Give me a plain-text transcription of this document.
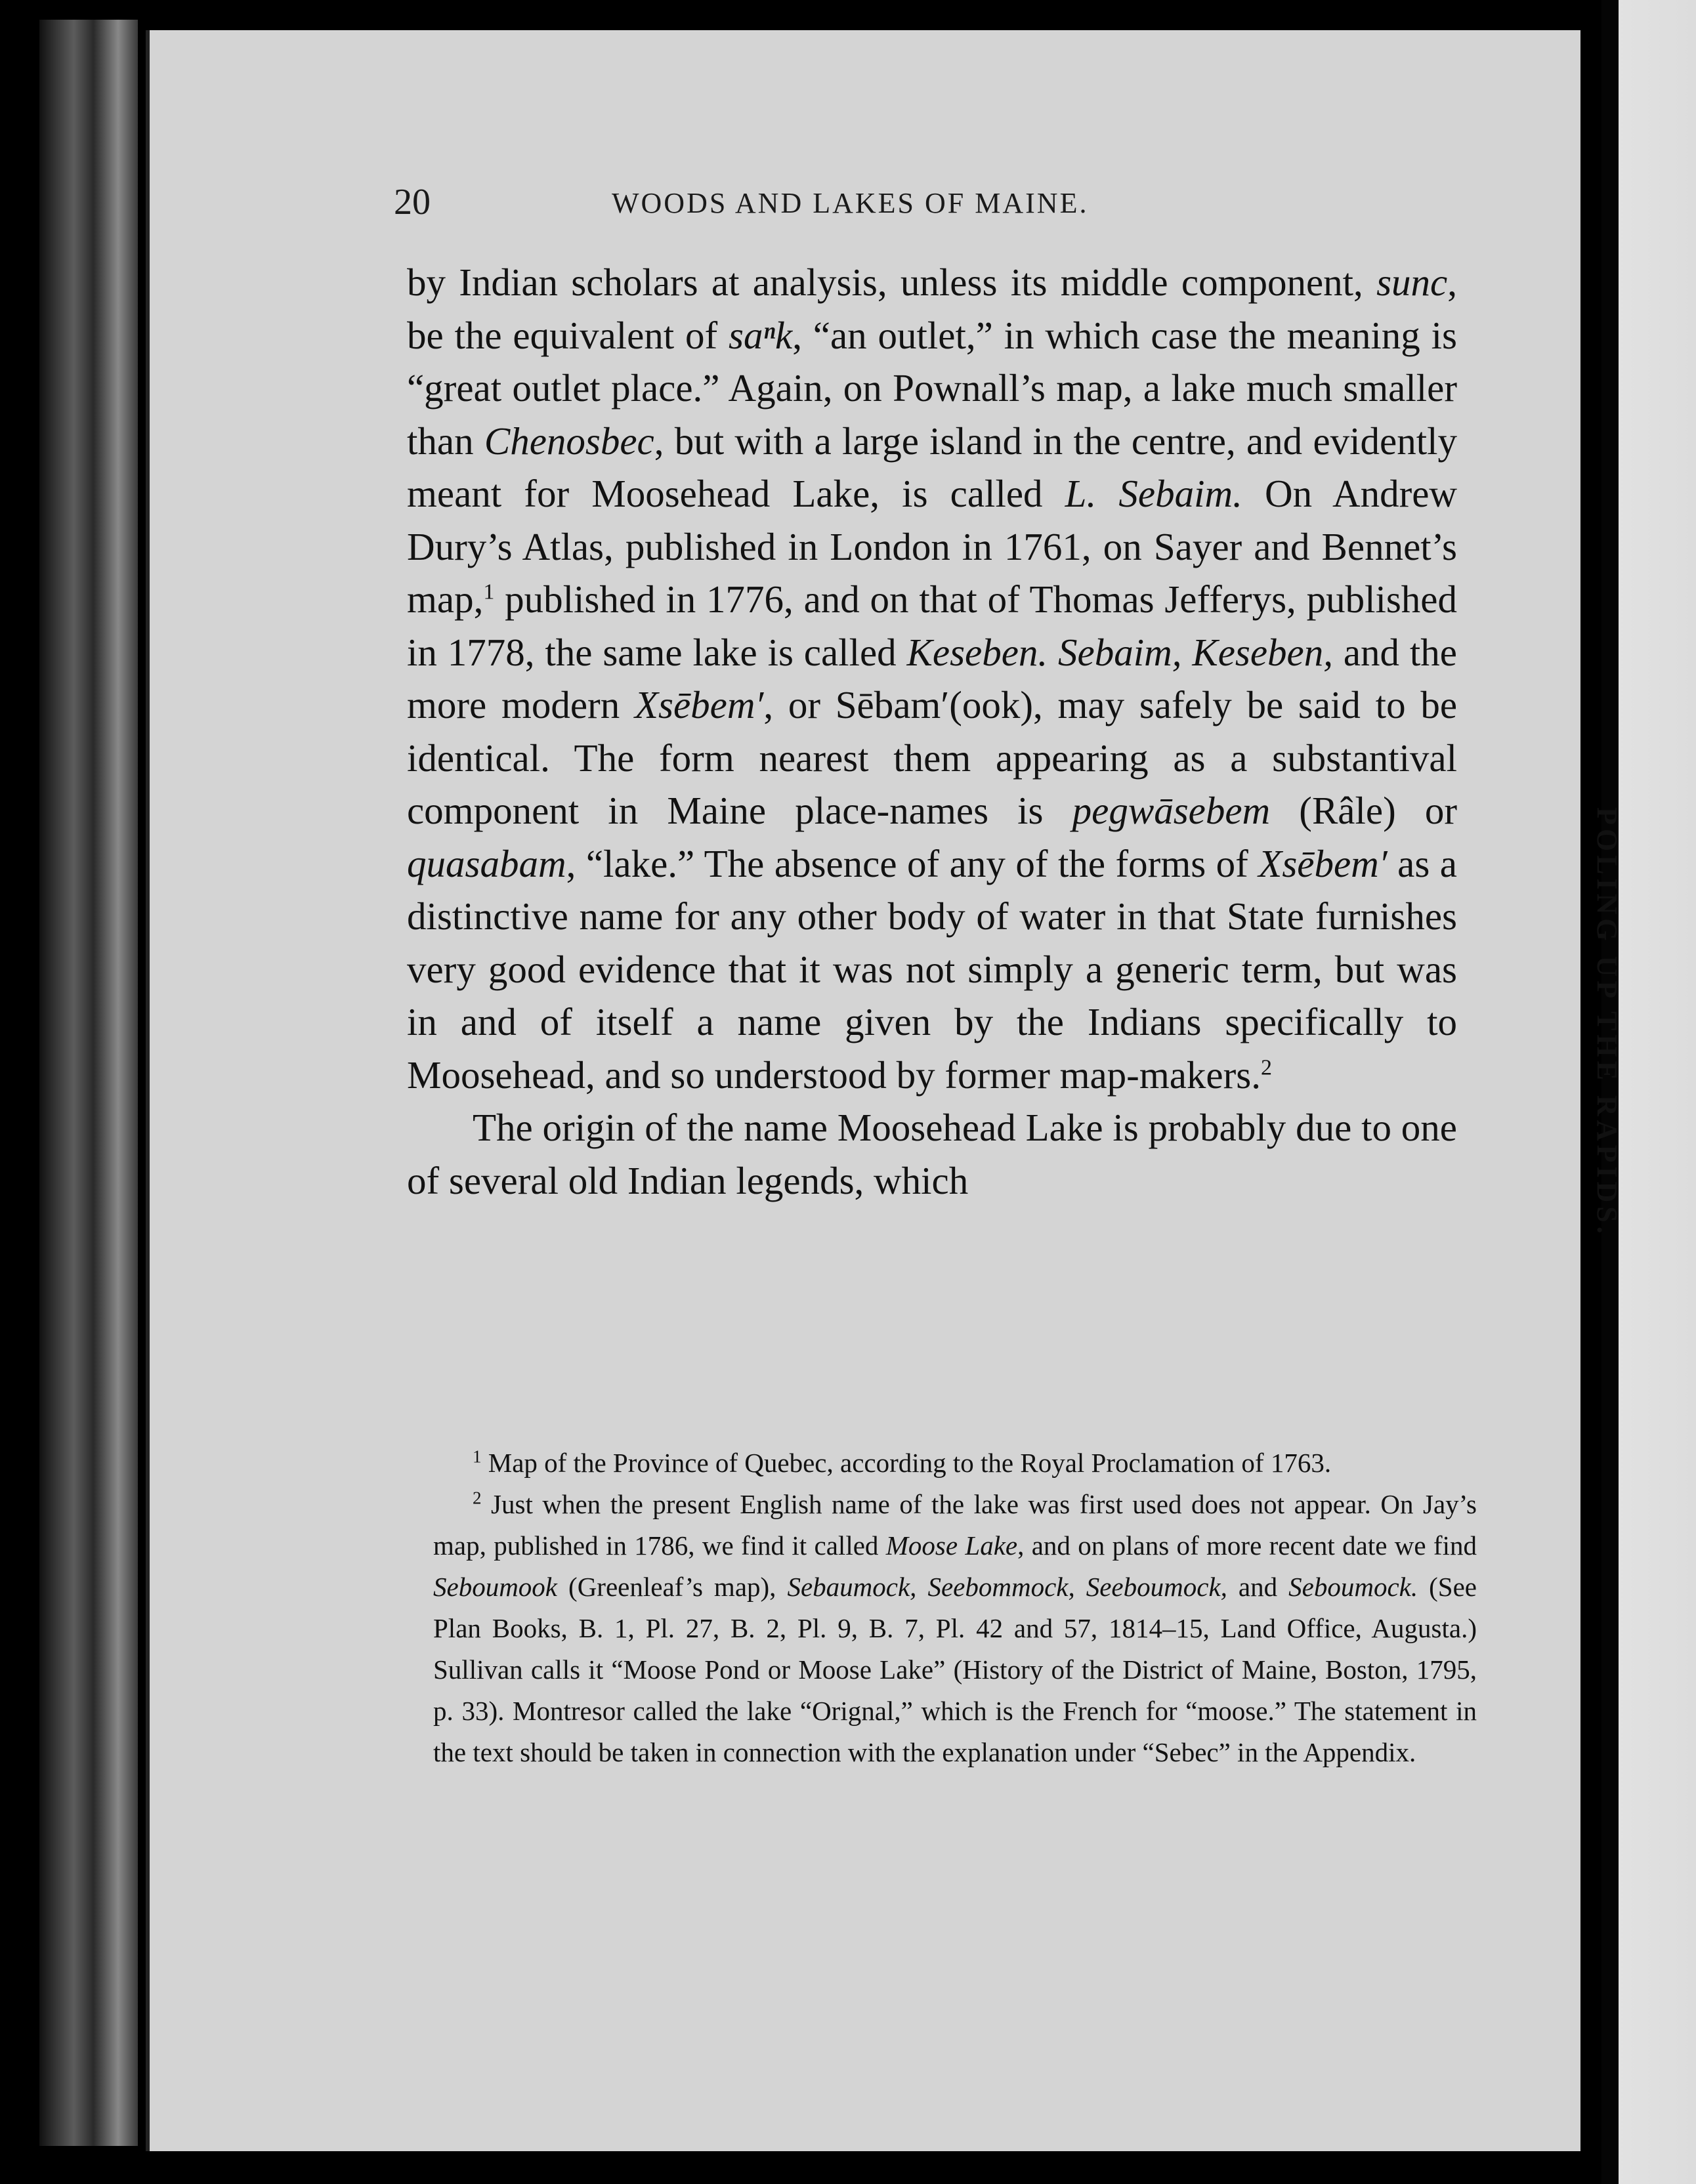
POLING UP THE RAPIDS.
20	WOODS AND LAKES OF MAINE.

by Indian scholars at analysis, unless its middle component, sunc, be the equivalent of saⁿk, “an outlet,” in which case the meaning is “great outlet place.” Again, on Pownall’s map, a lake much smaller than Chenosbec, but with a large island in the centre, and evidently meant for Moosehead Lake, is called L. Sebaim. On Andrew Dury’s Atlas, published in London in 1761, on Sayer and Bennet’s map,$^1$ published in 1776, and on that of Thomas Jefferys, published in 1778, the same lake is called Keseben. Sebaim, Keseben, and the more modern Xsēbem′, or Sēbam′(ook), may safely be said to be identical. The form nearest them appearing as a substantival component in Maine place-names is pegwāsebem (Râle) or quasabam, “lake.” The absence of any of the forms of Xsēbem′ as a distinctive name for any other body of water in that State furnishes very good evidence that it was not simply a generic term, but was in and of itself a name given by the Indians specifically to Moosehead, and so understood by former map-makers.$^2$

The origin of the name Moosehead Lake is probably due to one of several old Indian legends, which

$^1$ Map of the Province of Quebec, according to the Royal Proclamation of 1763.

$^2$ Just when the present English name of the lake was first used does not appear. On Jay’s map, published in 1786, we find it called Moose Lake, and on plans of more recent date we find Seboumook (Greenleaf’s map), Sebaumock, Seebommock, Seeboumock, and Seboumock. (See Plan Books, B. 1, Pl. 27, B. 2, Pl. 9, B. 7, Pl. 42 and 57, 1814–15, Land Office, Augusta.) Sullivan calls it “Moose Pond or Moose Lake” (History of the District of Maine, Boston, 1795, p. 33). Montresor called the lake “Orignal,” which is the French for “moose.” The statement in the text should be taken in connection with the explanation under “Sebec” in the Appendix.
